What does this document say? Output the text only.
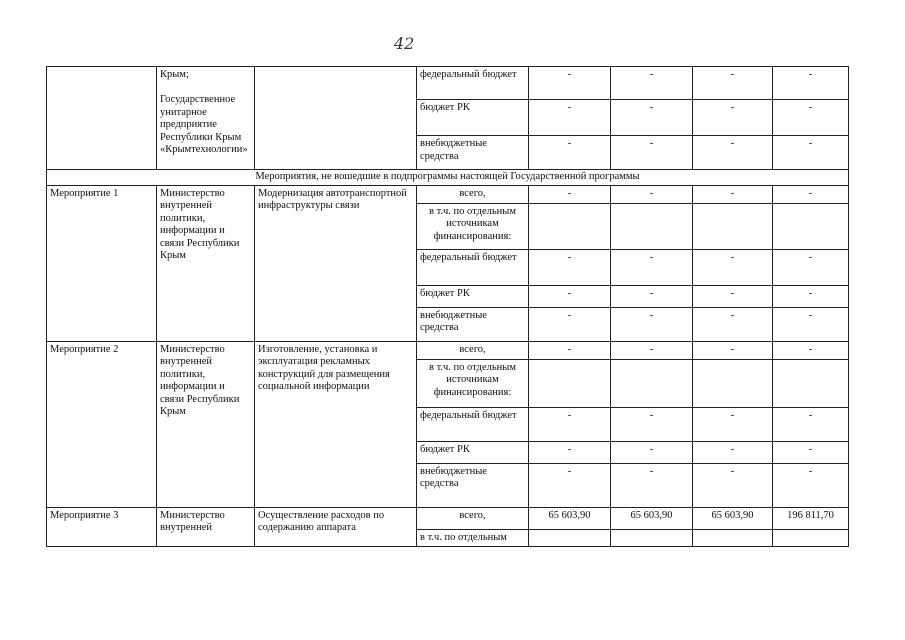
42
	Крым;

Государственное унитарное предприятие Республики Крым «Крымтехнологии»		федеральный бюджет	-	-	-	-
			бюджет РК	-	-	-	-
			внебюджетные средства	-	-	-	-
Мероприятия, не вошедшие в подпрограммы настоящей Государственной программы							
Мероприятие 1	Министерство внутренней политики, информации и связи Республики Крым	Модернизация автотранспортной инфраструктуры связи	всего,	-	-	-	-
			в т.ч. по отдельным источникам финансирования:				
			федеральный бюджет	-	-	-	-
			бюджет РК	-	-	-	-
			внебюджетные средства	-	-	-	-
Мероприятие 2	Министерство внутренней политики, информации и связи Республики Крым	Изготовление, установка и эксплуатация рекламных конструкций для размещения социальной информации	всего,	-	-	-	-
			в т.ч. по отдельным источникам финансирования:				
			федеральный бюджет	-	-	-	-
			бюджет РК	-	-	-	-
			внебюджетные средства	-	-	-	-
Мероприятие 3	Министерство внутренней	Осуществление расходов по содержанию аппарата	всего,	65 603,90	65 603,90	65 603,90	196 811,70
			в т.ч. по отдельным				
